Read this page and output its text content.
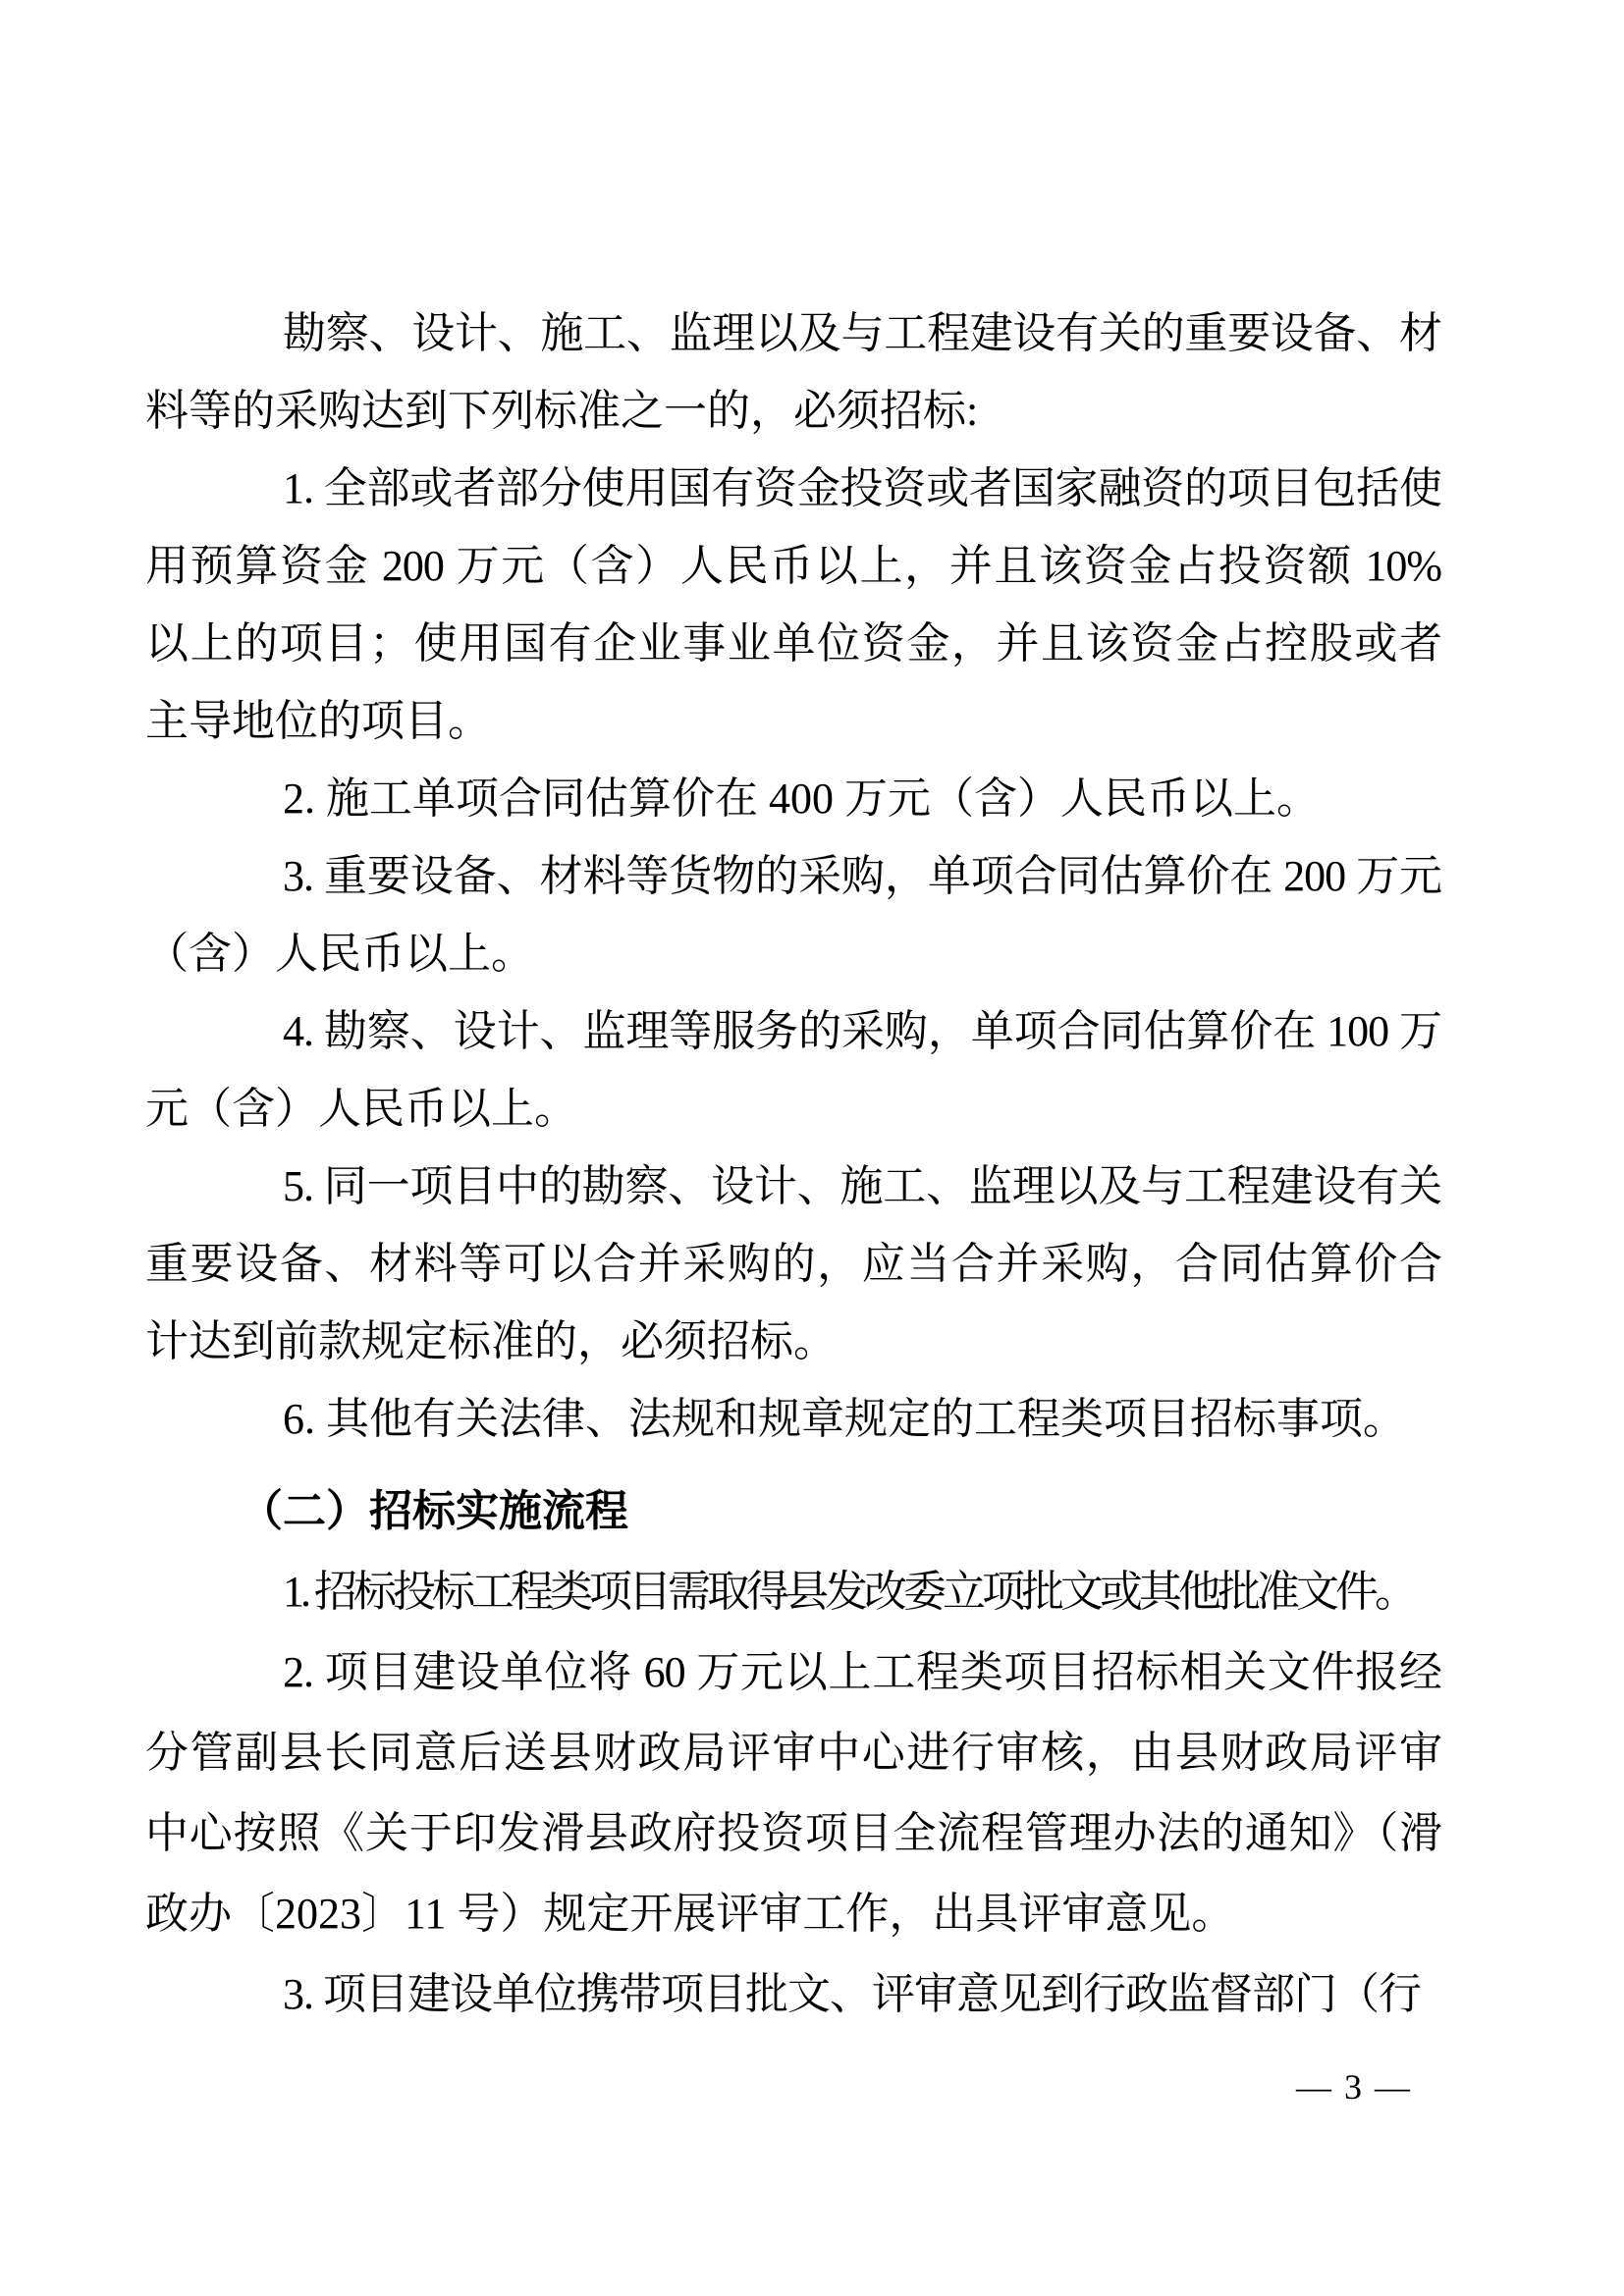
勘察、设计、施工、监理以及与工程建设有关的重要设备、材
料等的采购达到下列标准之一的，必须招标:
1. 全部或者部分使用国有资金投资或者国家融资的项目包括使
用预算资金 200 万元（含）人民币以上，并且该资金占投资额 10%
以上的项目；使用国有企业事业单位资金，并且该资金占控股或者
主导地位的项目。
2. 施工单项合同估算价在 400 万元（含）人民币以上。
3. 重要设备、材料等货物的采购，单项合同估算价在 200 万元
（含）人民币以上。
4. 勘察、设计、监理等服务的采购，单项合同估算价在 100 万
元（含）人民币以上。
5. 同一项目中的勘察、设计、施工、监理以及与工程建设有关
重要设备、材料等可以合并采购的，应当合并采购，合同估算价合
计达到前款规定标准的，必须招标。
6. 其他有关法律、法规和规章规定的工程类项目招标事项。
（二）招标实施流程
1. 招标投标工程类项目需取得县发改委立项批文或其他批准文件。
2. 项目建设单位将 60 万元以上工程类项目招标相关文件报经
分管副县长同意后送县财政局评审中心进行审核，由县财政局评审
中心按照《关于印发滑县政府投资项目全流程管理办法的通知》（滑
政办〔2023〕11 号）规定开展评审工作，出具评审意见。
3. 项目建设单位携带项目批文、评审意见到行政监督部门（行
— 3 —
